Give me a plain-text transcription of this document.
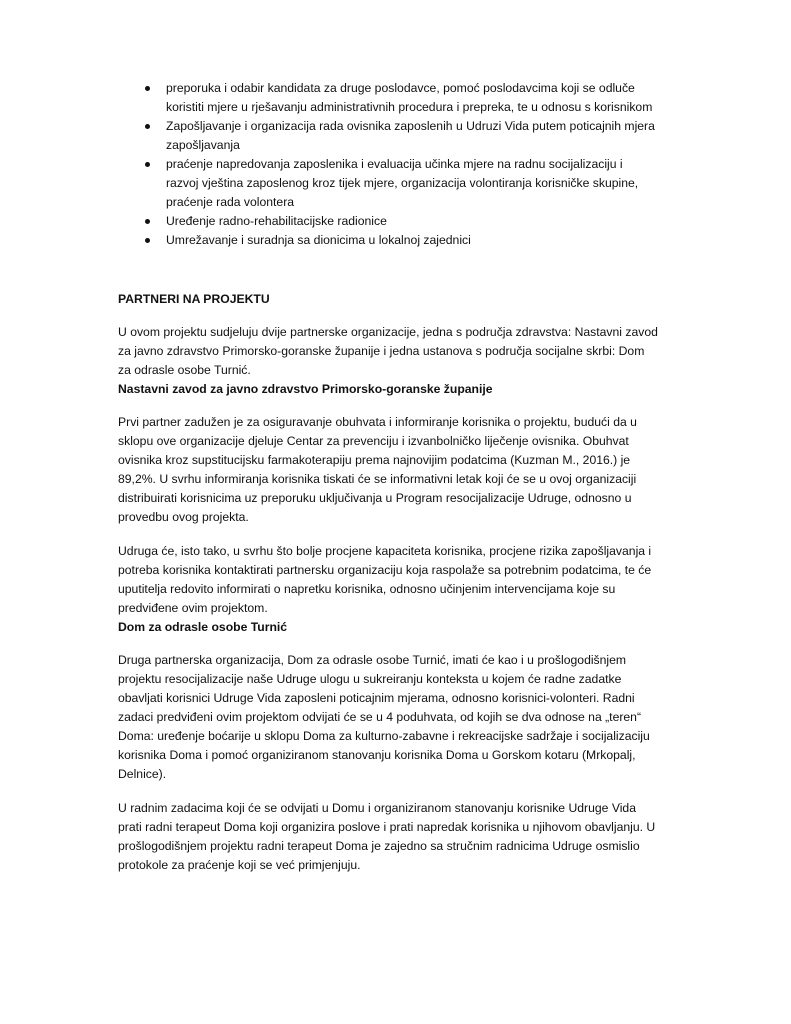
preporuka i odabir kandidata za druge poslodavce, pomoć poslodavcima koji se odluče koristiti mjere u rješavanju administrativnih procedura i prepreka, te u odnosu s korisnikom
Zapošljavanje i organizacija rada ovisnika zaposlenih u Udruzi Vida putem poticajnih mjera zapošljavanja
praćenje napredovanja zaposlenika i evaluacija učinka mjere na radnu socijalizaciju i razvoj vještina zaposlenog kroz tijek mjere, organizacija volontiranja korisničke skupine, praćenje rada volontera
Uređenje radno-rehabilitacijske radionice
Umrežavanje i suradnja sa dionicima u lokalnoj zajednici
PARTNERI NA PROJEKTU

U ovom projektu sudjeluju dvije partnerske organizacije, jedna s područja zdravstva: Nastavni zavod za javno zdravstvo Primorsko-goranske županije i jedna ustanova s područja socijalne skrbi: Dom za odrasle osobe Turnić.

Nastavni zavod za javno zdravstvo Primorsko-goranske županije

Prvi partner zadužen je za osiguravanje obuhvata i informiranje korisnika o projektu, budući da u sklopu ove organizacije djeluje Centar za prevenciju i izvanbolničko liječenje ovisnika. Obuhvat ovisnika kroz supstitucijsku farmakoterapiju prema najnovijim podatcima (Kuzman M., 2016.) je 89,2%. U svrhu informiranja korisnika tiskati će se informativni letak koji će se u ovoj organizaciji distribuirati korisnicima uz preporuku uključivanja u Program resocijalizacije Udruge, odnosno u provedbu ovog projekta.

Udruga će, isto tako, u svrhu što bolje procjene kapaciteta korisnika, procjene rizika zapošljavanja i potreba korisnika kontaktirati partnersku organizaciju koja raspolaže sa potrebnim podatcima, te će uputitelja redovito informirati o napretku korisnika, odnosno učinjenim intervencijama koje su predviđene ovim projektom.

Dom za odrasle osobe Turnić

Druga partnerska organizacija, Dom za odrasle osobe Turnić, imati će kao i u prošlogodišnjem projektu resocijalizacije naše Udruge ulogu u sukreiranju konteksta u kojem će radne zadatke obavljati korisnici Udruge Vida zaposleni poticajnim mjerama, odnosno korisnici-volonteri. Radni zadaci predviđeni ovim projektom odvijati će se u 4 poduhvata, od kojih se dva odnose na „teren“ Doma: uređenje boćarije u sklopu Doma za kulturno-zabavne i rekreacijske sadržaje i socijalizaciju korisnika Doma i pomoć organiziranom stanovanju korisnika Doma u Gorskom kotaru (Mrkopalj, Delnice).

U radnim zadacima koji će se odvijati u Domu i organiziranom stanovanju korisnike Udruge Vida prati radni terapeut Doma koji organizira poslove i prati napredak korisnika u njihovom obavljanju. U prošlogodišnjem projektu radni terapeut Doma je zajedno sa stručnim radnicima Udruge osmislio protokole za praćenje koji se već primjenjuju.
